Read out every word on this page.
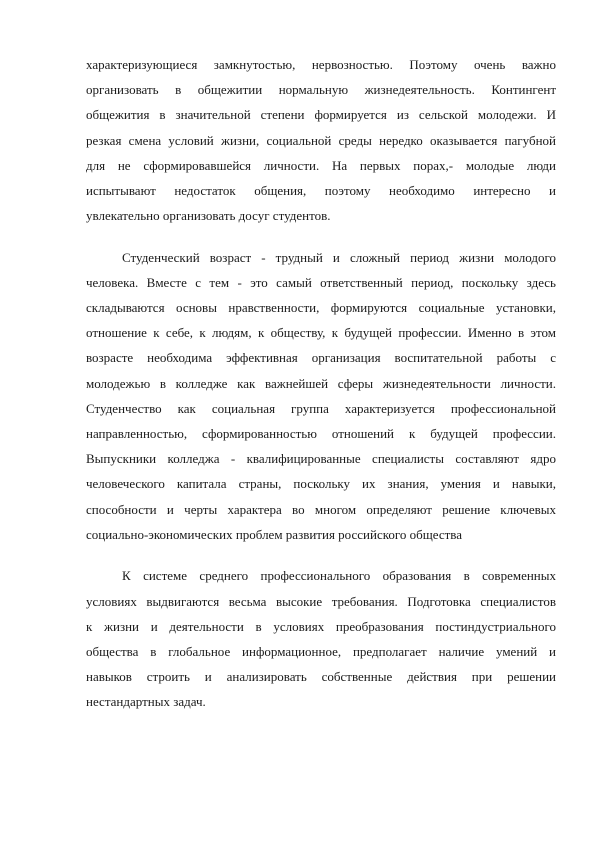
характеризующиеся замкнутостью, нервозностью. Поэтому очень важно
организовать в общежитии нормальную жизнедеятельность. Контингент
общежития в значительной степени формируется из сельской молодежи. И
резкая смена условий жизни, социальной среды нередко оказывается пагубной
для не сформировавшейся личности. На первых порах,- молодые люди
испытывают недостаток общения, поэтому необходимо интересно и
увлекательно организовать досуг студентов.
Студенческий возраст - трудный и сложный период жизни молодого
человека. Вместе с тем - это самый ответственный период, поскольку здесь
складываются основы нравственности, формируются социальные установки,
отношение к себе, к людям, к обществу, к будущей профессии. Именно в этом
возрасте необходима эффективная организация воспитательной работы с
молодежью в колледже как важнейшей сферы жизнедеятельности личности.
Студенчество как социальная группа характеризуется профессиональной
направленностью, сформированностью отношений к будущей профессии.
Выпускники колледжа - квалифицированные специалисты составляют ядро
человеческого капитала страны, поскольку их знания, умения и навыки,
способности и черты характера во многом определяют решение ключевых
социально-экономических проблем развития российского общества
К системе среднего профессионального образования в современных
условиях выдвигаются весьма высокие требования. Подготовка специалистов
к жизни и деятельности в условиях преобразования постиндустриального
общества в глобальное информационное, предполагает наличие умений и
навыков строить и анализировать собственные действия при решении
нестандартных задач.
